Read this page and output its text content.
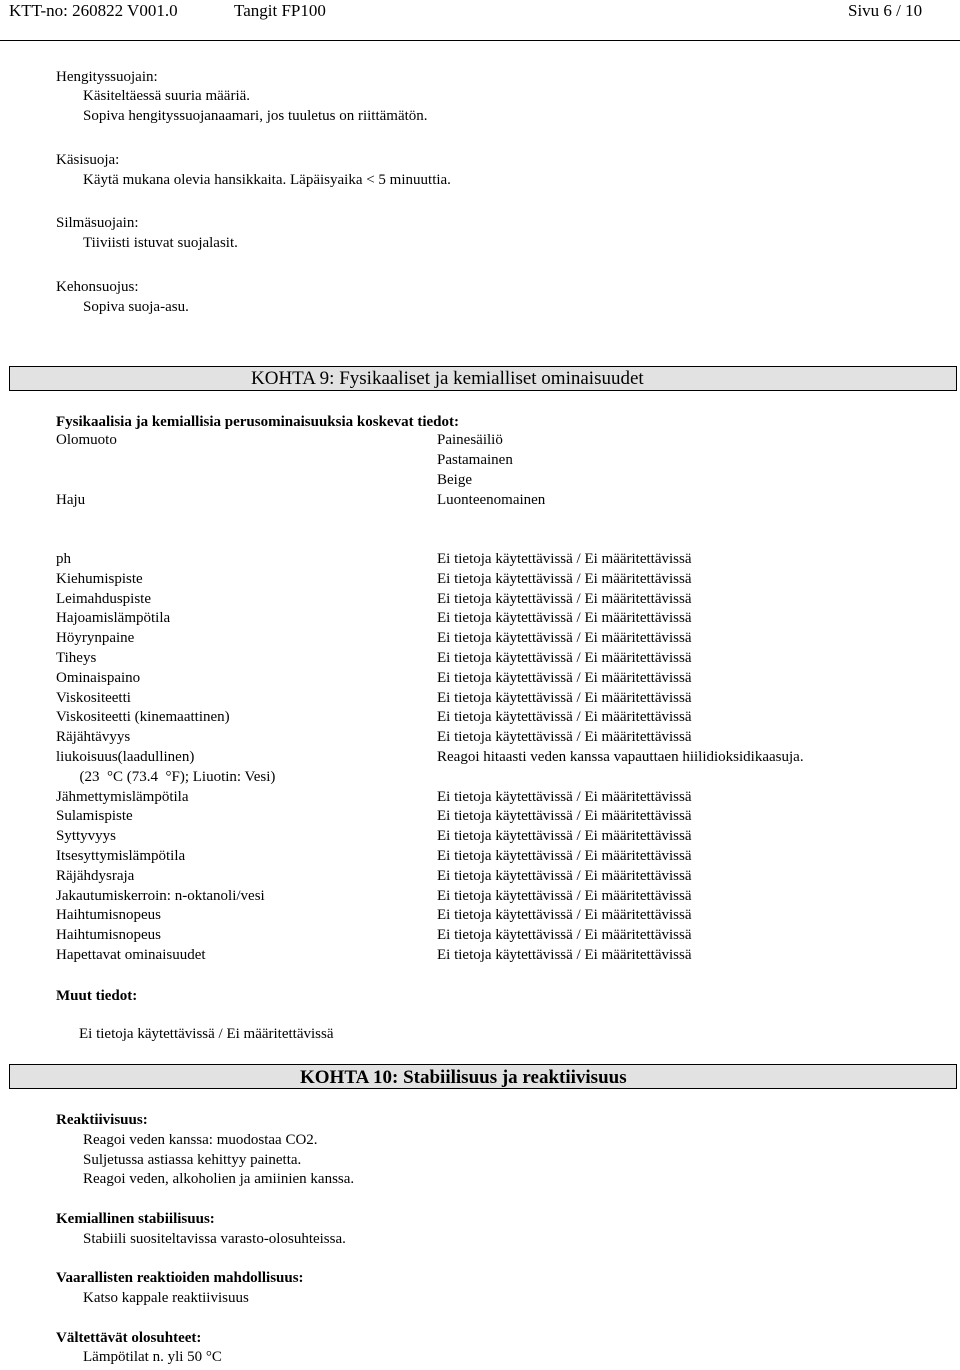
KTT-no: 260822 V001.0	Tangit FP100	Sivu 6 / 10
Hengityssuojain:
Käsiteltäessä suuria määriä.
Sopiva hengityssuojanaamari, jos tuuletus on riittämätön.
Käsisuoja:
Käytä mukana olevia hansikkaita. Läpäisyaika < 5 minuuttia.
Silmäsuojain:
Tiiviisti istuvat suojalasit.
Kehonsuojus:
Sopiva suoja-asu.
KOHTA 9: Fysikaaliset ja kemialliset ominaisuudet
Fysikaalisia ja kemiallisia perusominaisuuksia koskevat tiedot:
Olomuoto	Painesäiliö
Pastamainen
Beige
Haju	Luonteenomainen
ph	Ei tietoja käytettävissä / Ei määritettävissä
Kiehumispiste	Ei tietoja käytettävissä / Ei määritettävissä
Leimahduspiste	Ei tietoja käytettävissä / Ei määritettävissä
Hajoamislämpötila	Ei tietoja käytettävissä / Ei määritettävissä
Höyrynpaine	Ei tietoja käytettävissä / Ei määritettävissä
Tiheys	Ei tietoja käytettävissä / Ei määritettävissä
Ominaispaino	Ei tietoja käytettävissä / Ei määritettävissä
Viskositeetti	Ei tietoja käytettävissä / Ei määritettävissä
Viskositeetti (kinemaattinen)	Ei tietoja käytettävissä / Ei määritettävissä
Räjähtävyys	Ei tietoja käytettävissä / Ei määritettävissä
liukoisuus(laadullinen)	Reagoi hitaasti veden kanssa vapauttaen hiilidioksidikaasuja.
(23  °C (73.4  °F); Liuotin: Vesi)
Jähmettymislämpötila	Ei tietoja käytettävissä / Ei määritettävissä
Sulamispiste	Ei tietoja käytettävissä / Ei määritettävissä
Syttyvyys	Ei tietoja käytettävissä / Ei määritettävissä
Itsesyttymislämpötila	Ei tietoja käytettävissä / Ei määritettävissä
Räjähdysraja	Ei tietoja käytettävissä / Ei määritettävissä
Jakautumiskerroin: n-oktanoli/vesi	Ei tietoja käytettävissä / Ei määritettävissä
Haihtumisnopeus	Ei tietoja käytettävissä / Ei määritettävissä
Haihtumisnopeus	Ei tietoja käytettävissä / Ei määritettävissä
Hapettavat ominaisuudet	Ei tietoja käytettävissä / Ei määritettävissä
Muut tiedot:
Ei tietoja käytettävissä / Ei määritettävissä
KOHTA 10: Stabiilisuus ja reaktiivisuus
Reaktiivisuus:
Reagoi veden kanssa: muodostaa CO2.
Suljetussa astiassa kehittyy painetta.
Reagoi veden, alkoholien ja amiinien kanssa.
Kemiallinen stabiilisuus:
Stabiili suositeltavissa varasto-olosuhteissa.
Vaarallisten reaktioiden mahdollisuus:
Katso kappale reaktiivisuus
Vältettävät olosuhteet:
Lämpötilat n. yli 50 °C
